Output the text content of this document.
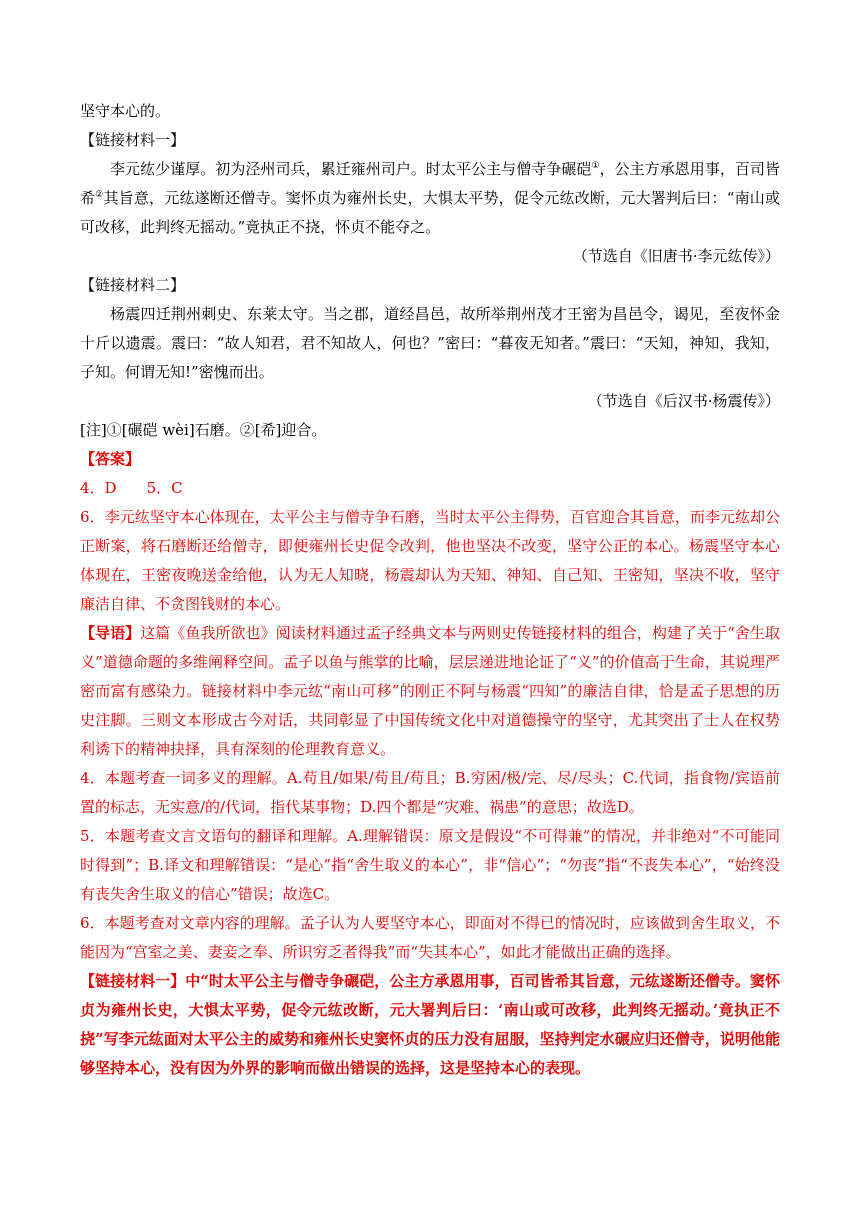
坚守本心的。

【链接材料一】

李元纮少谨厚。初为泾州司兵，累迁雍州司户。时太平公主与僧寺争碾硙①，公主方承恩用事，百司皆希②其旨意，元纮遂断还僧寺。窦怀贞为雍州长史，大惧太平势，促令元纮改断，元大署判后曰：“南山或可改移，此判终无摇动。”竟执正不挠，怀贞不能夺之。

（节选自《旧唐书·李元纮传》）

【链接材料二】

杨震四迁荆州刺史、东莱太守。当之郡，道经昌邑，故所举荆州茂才王密为昌邑令，谒见，至夜怀金十斤以遗震。震曰：“故人知君，君不知故人，何也？”密曰：“暮夜无知者。”震曰：“天知，神知，我知，子知。何谓无知!”密愧而出。

（节选自《后汉书·杨震传》）

[注]①[碾硙 wèi]石磨。②[希]迎合。

【答案】

4．D　　5．C

6．李元纮坚守本心体现在，太平公主与僧寺争石磨，当时太平公主得势，百官迎合其旨意，而李元纮却公正断案，将石磨断还给僧寺，即便雍州长史促令改判，他也坚决不改变，坚守公正的本心。杨震坚守本心体现在，王密夜晚送金给他，认为无人知晓，杨震却认为天知、神知、自己知、王密知，坚决不收，坚守廉洁自律、不贪图钱财的本心。

【导语】这篇《鱼我所欲也》阅读材料通过孟子经典文本与两则史传链接材料的组合，构建了关于“舍生取义”道德命题的多维阐释空间。孟子以鱼与熊掌的比喻，层层递进地论证了“义”的价值高于生命，其说理严密而富有感染力。链接材料中李元纮“南山可移”的刚正不阿与杨震“四知”的廉洁自律，恰是孟子思想的历史注脚。三则文本形成古今对话，共同彰显了中国传统文化中对道德操守的坚守，尤其突出了士人在权势利诱下的精神抉择，具有深刻的伦理教育意义。

4．本题考查一词多义的理解。A.苟且/如果/苟且/苟且；B.穷困/极/完、尽/尽头；C.代词，指食物/宾语前置的标志，无实意/的/代词，指代某事物；D.四个都是“灾难、祸患”的意思；故选D。

5．本题考查文言文语句的翻译和理解。A.理解错误：原文是假设“不可得兼”的情况，并非绝对“不可能同时得到”；B.译文和理解错误：“是心”指“舍生取义的本心”，非“信心”；“勿丧”指“不丧失本心”，“始终没有丧失舍生取义的信心”错误；故选C。

6．本题考查对文章内容的理解。孟子认为人要坚守本心，即面对不得已的情况时，应该做到舍生取义，不能因为“宫室之美、妻妾之奉、所识穷乏者得我”而“失其本心”，如此才能做出正确的选择。

【链接材料一】中“时太平公主与僧寺争碾硙，公主方承恩用事，百司皆希其旨意，元纮遂断还僧寺。窦怀贞为雍州长史，大惧太平势，促令元纮改断，元大署判后曰：‘南山或可改移，此判终无摇动。’竟执正不挠”写李元纮面对太平公主的威势和雍州长史窦怀贞的压力没有屈服，坚持判定水碾应归还僧寺，说明他能够坚持本心，没有因为外界的影响而做出错误的选择，这是坚持本心的表现。
